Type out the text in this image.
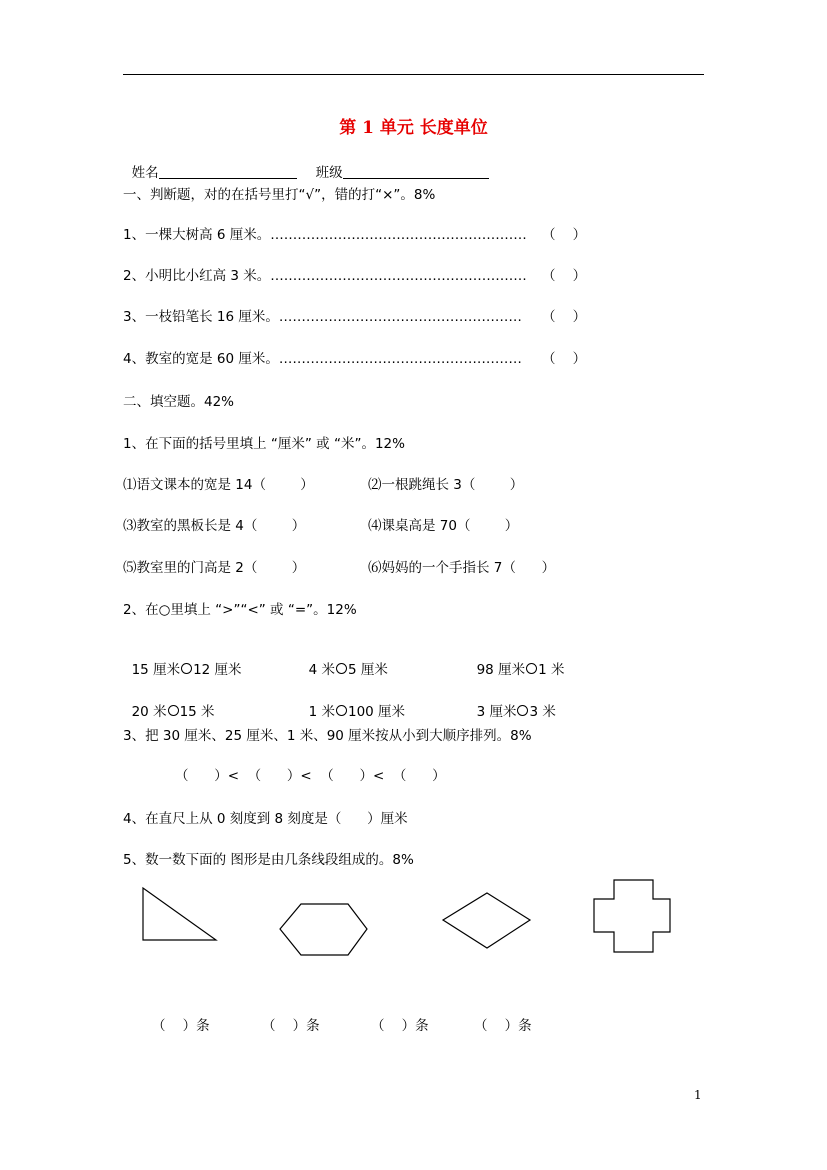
第 1 单元 长度单位

姓名	班级

一、判断题，对的在括号里打“√”，错的打“×”。8%
1、一棵大树高 6 厘米。………………………………………………… （    ）
2、小明比小红高 3 米。………………………………………………… （    ）
3、一枝铅笔长 16 厘米。……………………………………………… （    ）
4、教室的宽是 60 厘米。……………………………………………… （    ）
二、填空题。42%
1、在下面的括号里填上 “厘米” 或 “米”。12%
⑴语文课本的宽是 14（        ）	⑵一根跳绳长 3（        ）
⑶教室的黑板长是 4（        ）	⑷课桌高是 70（        ）
⑸教室里的门高是 2（        ）	⑹妈妈的一个手指长 7（      ）
2、在○里填上 “>”“<” 或 “=”。12%

15 厘米 12 厘米	4 米 5 厘米	98 厘米 1 米

20 米 15 米	1 米 100 厘米	3 厘米 3 米

3、把 30 厘米、25 厘米、1 米、90 厘米按从小到大顺序排列。8%
（      ）<  （      ）<  （      ）<  （      ）
4、在直尺上从 0 刻度到 8 刻度是（      ）厘米
5、数一数下面的 图形是由几条线段组成的。8%
（    ）条	（    ）条	（    ）条	（    ）条
1
